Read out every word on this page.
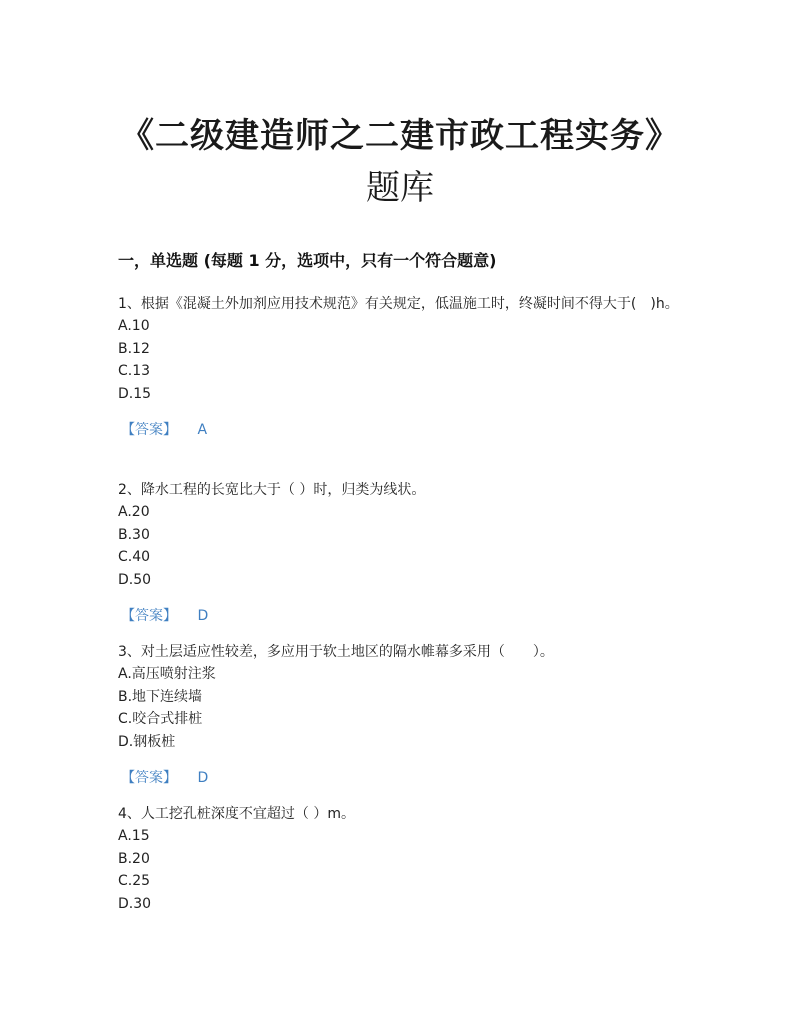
《二级建造师之二建市政工程实务》
题库
一，单选题 (每题 1 分，选项中，只有一个符合题意)
1、根据《混凝土外加剂应用技术规范》有关规定，低温施工时，终凝时间不得大于(　)h。
A.10
B.12
C.13
D.15
【答案】 A
2、降水工程的长宽比大于（ ）时，归类为线状。
A.20
B.30
C.40
D.50
【答案】 D
3、对土层适应性较差，多应用于软土地区的隔水帷幕多采用（　　）。
A.高压喷射注浆
B.地下连续墙
C.咬合式排桩
D.钢板桩
【答案】 D
4、人工挖孔桩深度不宜超过（ ）m。
A.15
B.20
C.25
D.30
